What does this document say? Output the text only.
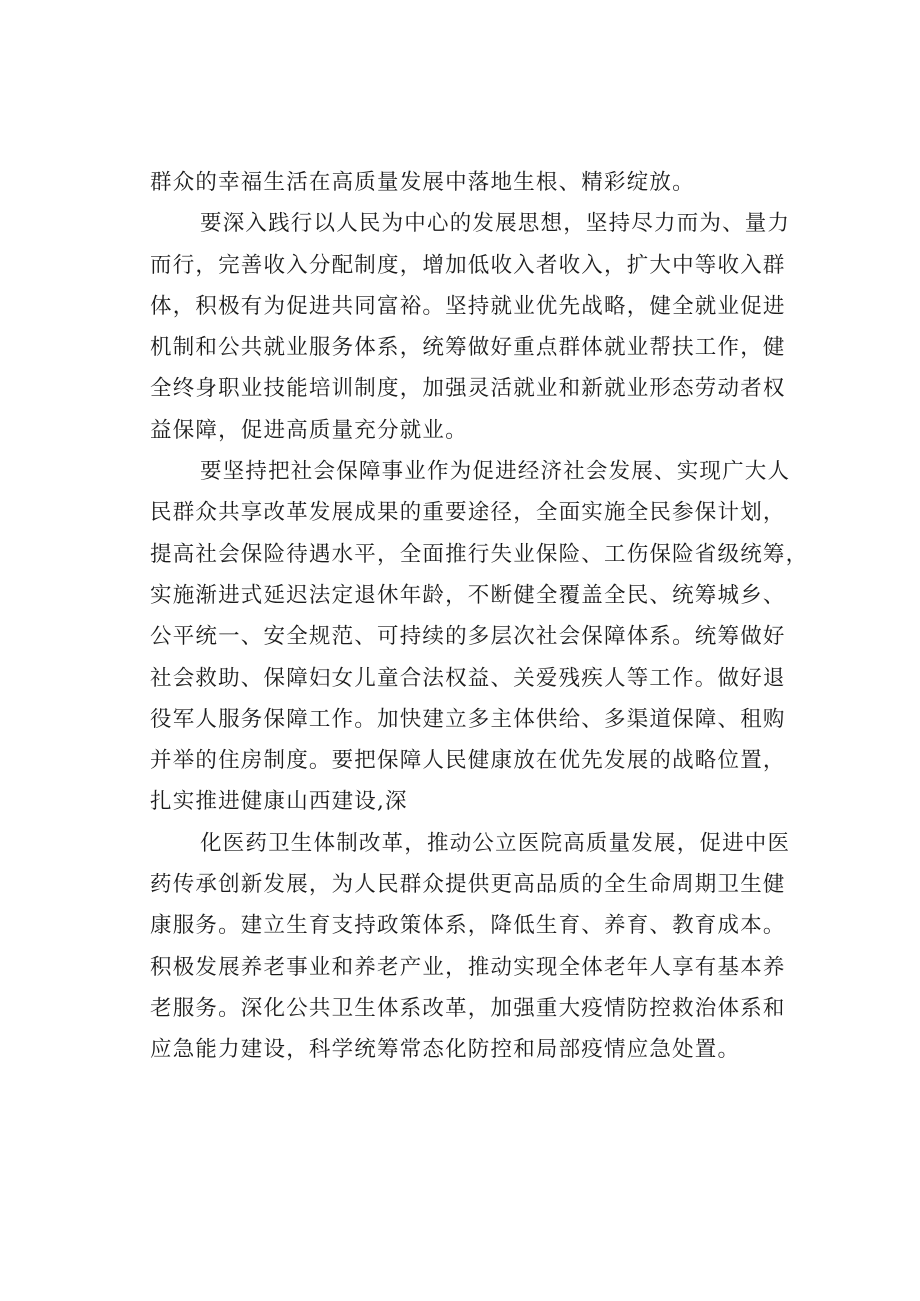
群众的幸福生活在高质量发展中落地生根、精彩绽放。
要深入践行以人民为中心的发展思想，坚持尽力而为、量力
而行，完善收入分配制度，增加低收入者收入，扩大中等收入群
体，积极有为促进共同富裕。坚持就业优先战略，健全就业促进
机制和公共就业服务体系，统筹做好重点群体就业帮扶工作，健
全终身职业技能培训制度，加强灵活就业和新就业形态劳动者权
益保障，促进高质量充分就业。
要坚持把社会保障事业作为促进经济社会发展、实现广大人
民群众共享改革发展成果的重要途径，全面实施全民参保计划，
提高社会保险待遇水平，全面推行失业保险、工伤保险省级统筹，
实施渐进式延迟法定退休年龄，不断健全覆盖全民、统筹城乡、
公平统一、安全规范、可持续的多层次社会保障体系。统筹做好
社会救助、保障妇女儿童合法权益、关爱残疾人等工作。做好退
役军人服务保障工作。加快建立多主体供给、多渠道保障、租购
并举的住房制度。要把保障人民健康放在优先发展的战略位置，
扎实推进健康山西建设,深
化医药卫生体制改革，推动公立医院高质量发展，促进中医
药传承创新发展，为人民群众提供更高品质的全生命周期卫生健
康服务。建立生育支持政策体系，降低生育、养育、教育成本。
积极发展养老事业和养老产业，推动实现全体老年人享有基本养
老服务。深化公共卫生体系改革，加强重大疫情防控救治体系和
应急能力建设，科学统筹常态化防控和局部疫情应急处置。
